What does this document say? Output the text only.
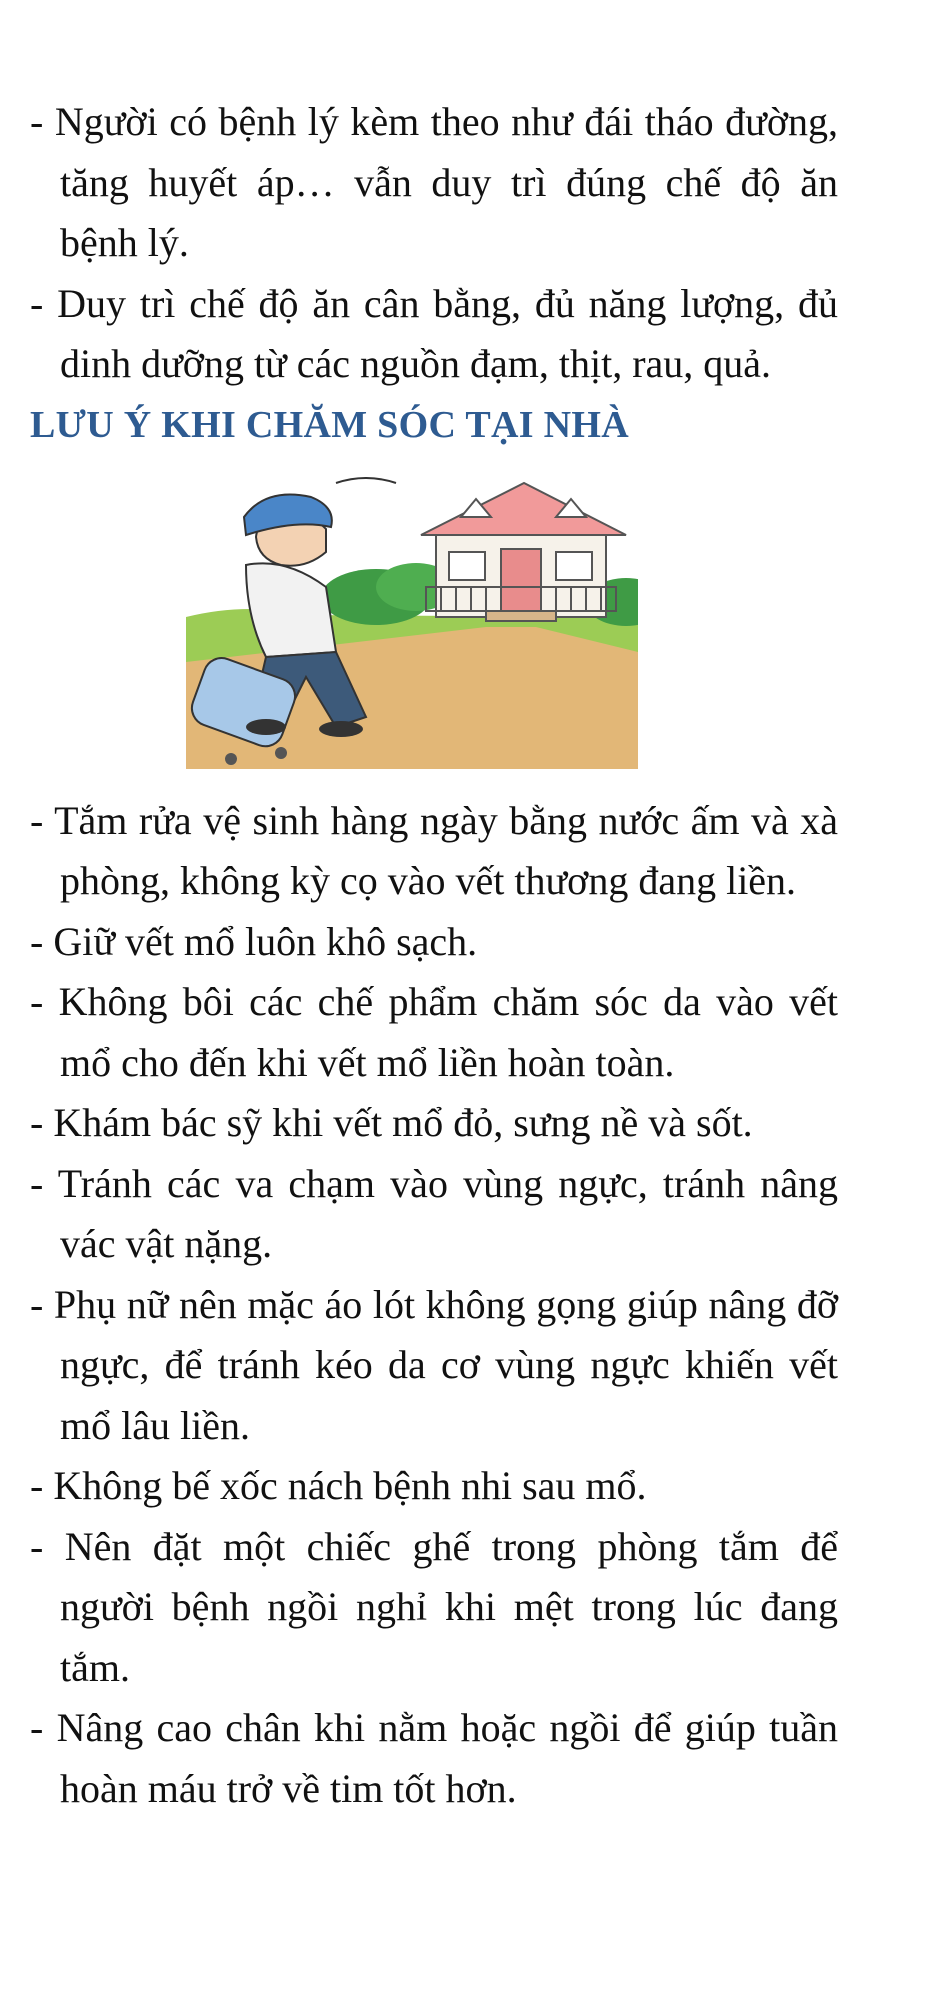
- Người có bệnh lý kèm theo như đái tháo đường, tăng huyết áp… vẫn duy trì đúng chế độ ăn bệnh lý.

- Duy trì chế độ ăn cân bằng, đủ năng lượng, đủ dinh dưỡng từ các nguồn đạm, thịt, rau, quả.

LƯU Ý KHI CHĂM SÓC TẠI NHÀ

- Tắm rửa vệ sinh hàng ngày bằng nước ấm và xà phòng, không kỳ cọ vào vết thương đang liền.

- Giữ vết mổ luôn khô sạch.

- Không bôi các chế phẩm chăm sóc da vào vết mổ cho đến khi vết mổ liền hoàn toàn.

- Khám bác sỹ khi vết mổ đỏ, sưng nề và sốt.

- Tránh các va chạm vào vùng ngực, tránh nâng vác vật nặng.

- Phụ nữ nên mặc áo lót không gọng giúp nâng đỡ ngực, để tránh kéo da cơ vùng ngực khiến vết mổ lâu liền.

- Không bế xốc nách bệnh nhi sau mổ.

- Nên đặt một chiếc ghế trong phòng tắm để người bệnh ngồi nghỉ khi mệt trong lúc đang tắm.

- Nâng cao chân khi nằm hoặc ngồi để giúp tuần hoàn máu trở về tim tốt hơn.
